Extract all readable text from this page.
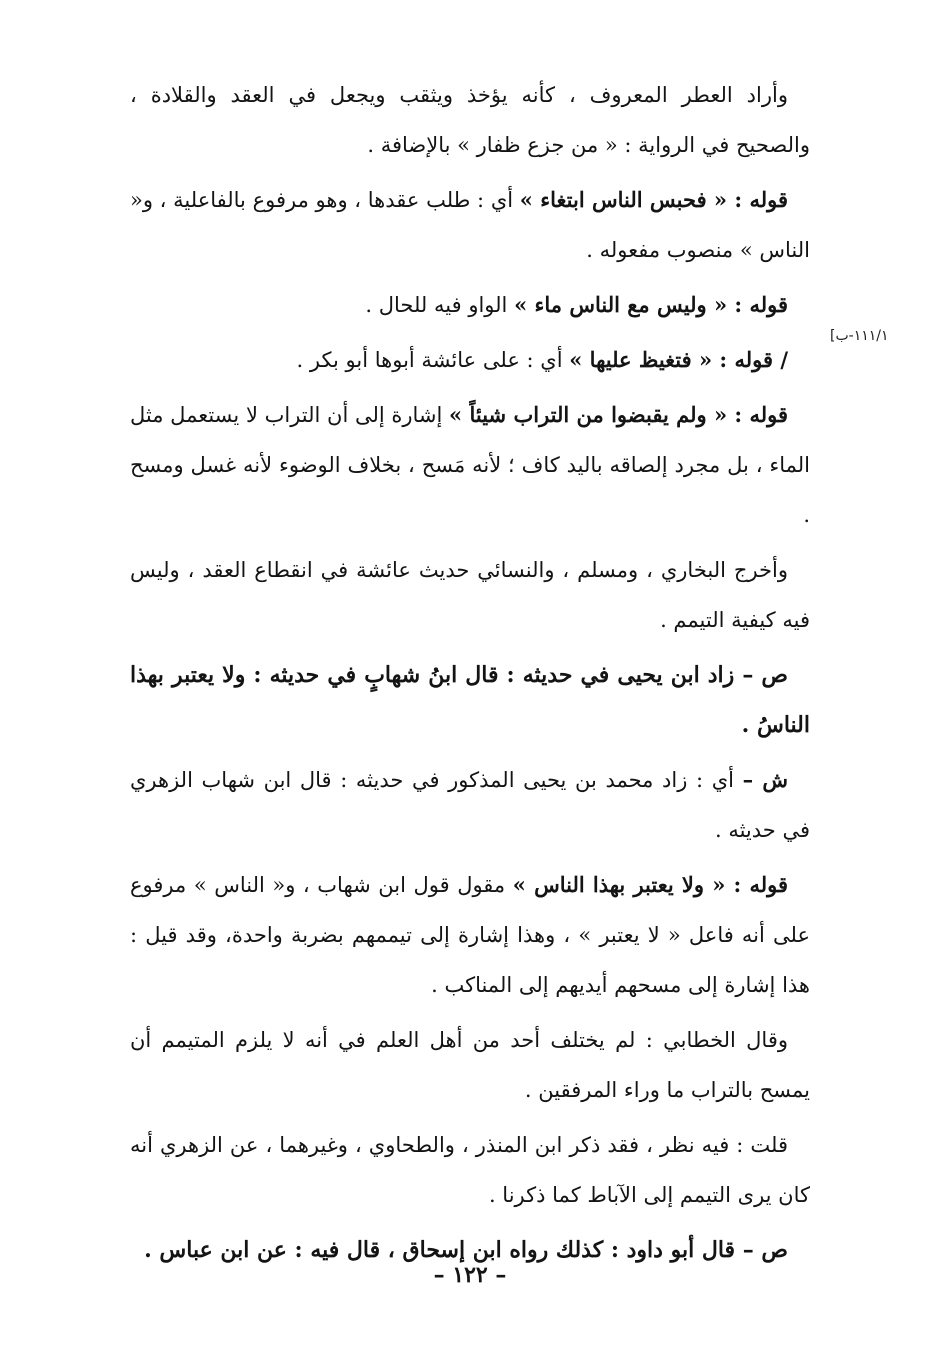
[١١١/١-ب

وأراد العطر المعروف ، كأنه يؤخذ ويثقب ويجعل في العقد والقلادة ، والصحيح في الرواية : « من جزع ظفار » بالإضافة .

قوله : « فحبس الناس ابتغاء » أي : طلب عقدها ، وهو مرفوع بالفاعلية ، و« الناس » منصوب مفعوله .

قوله : « وليس مع الناس ماء » الواو فيه للحال .

/ قوله : « فتغيظ عليها » أي : على عائشة أبوها أبو بكر .

قوله : « ولم يقبضوا من التراب شيئاً » إشارة إلى أن التراب لا يستعمل مثل الماء ، بل مجرد إلصاقه باليد كاف ؛ لأنه مَسح ، بخلاف الوضوء لأنه غسل ومسح .

وأخرج البخاري ، ومسلم ، والنسائي حديث عائشة في انقطاع العقد ، وليس فيه كيفية التيمم .

ص – زاد ابن يحيى في حديثه : قال ابنُ شهابٍ في حديثه : ولا يعتبر بهذا الناسُ .

ش – أي : زاد محمد بن يحيى المذكور في حديثه : قال ابن شهاب الزهري في حديثه .

قوله : « ولا يعتبر بهذا الناس » مقول قول ابن شهاب ، و« الناس » مرفوع على أنه فاعل « لا يعتبر » ، وهذا إشارة إلى تيممهم بضربة واحدة، وقد قيل : هذا إشارة إلى مسحهم أيديهم إلى المناكب .

وقال الخطابي : لم يختلف أحد من أهل العلم في أنه لا يلزم المتيمم أن يمسح بالتراب ما وراء المرفقين .

قلت : فيه نظر ، فقد ذكر ابن المنذر ، والطحاوي ، وغيرهما ، عن الزهري أنه كان يرى التيمم إلى الآباط كما ذكرنا .

ص – قال أبو داود : كذلك رواه ابن إسحاق ، قال فيه : عن ابن عباس .

– ١٢٢ –
